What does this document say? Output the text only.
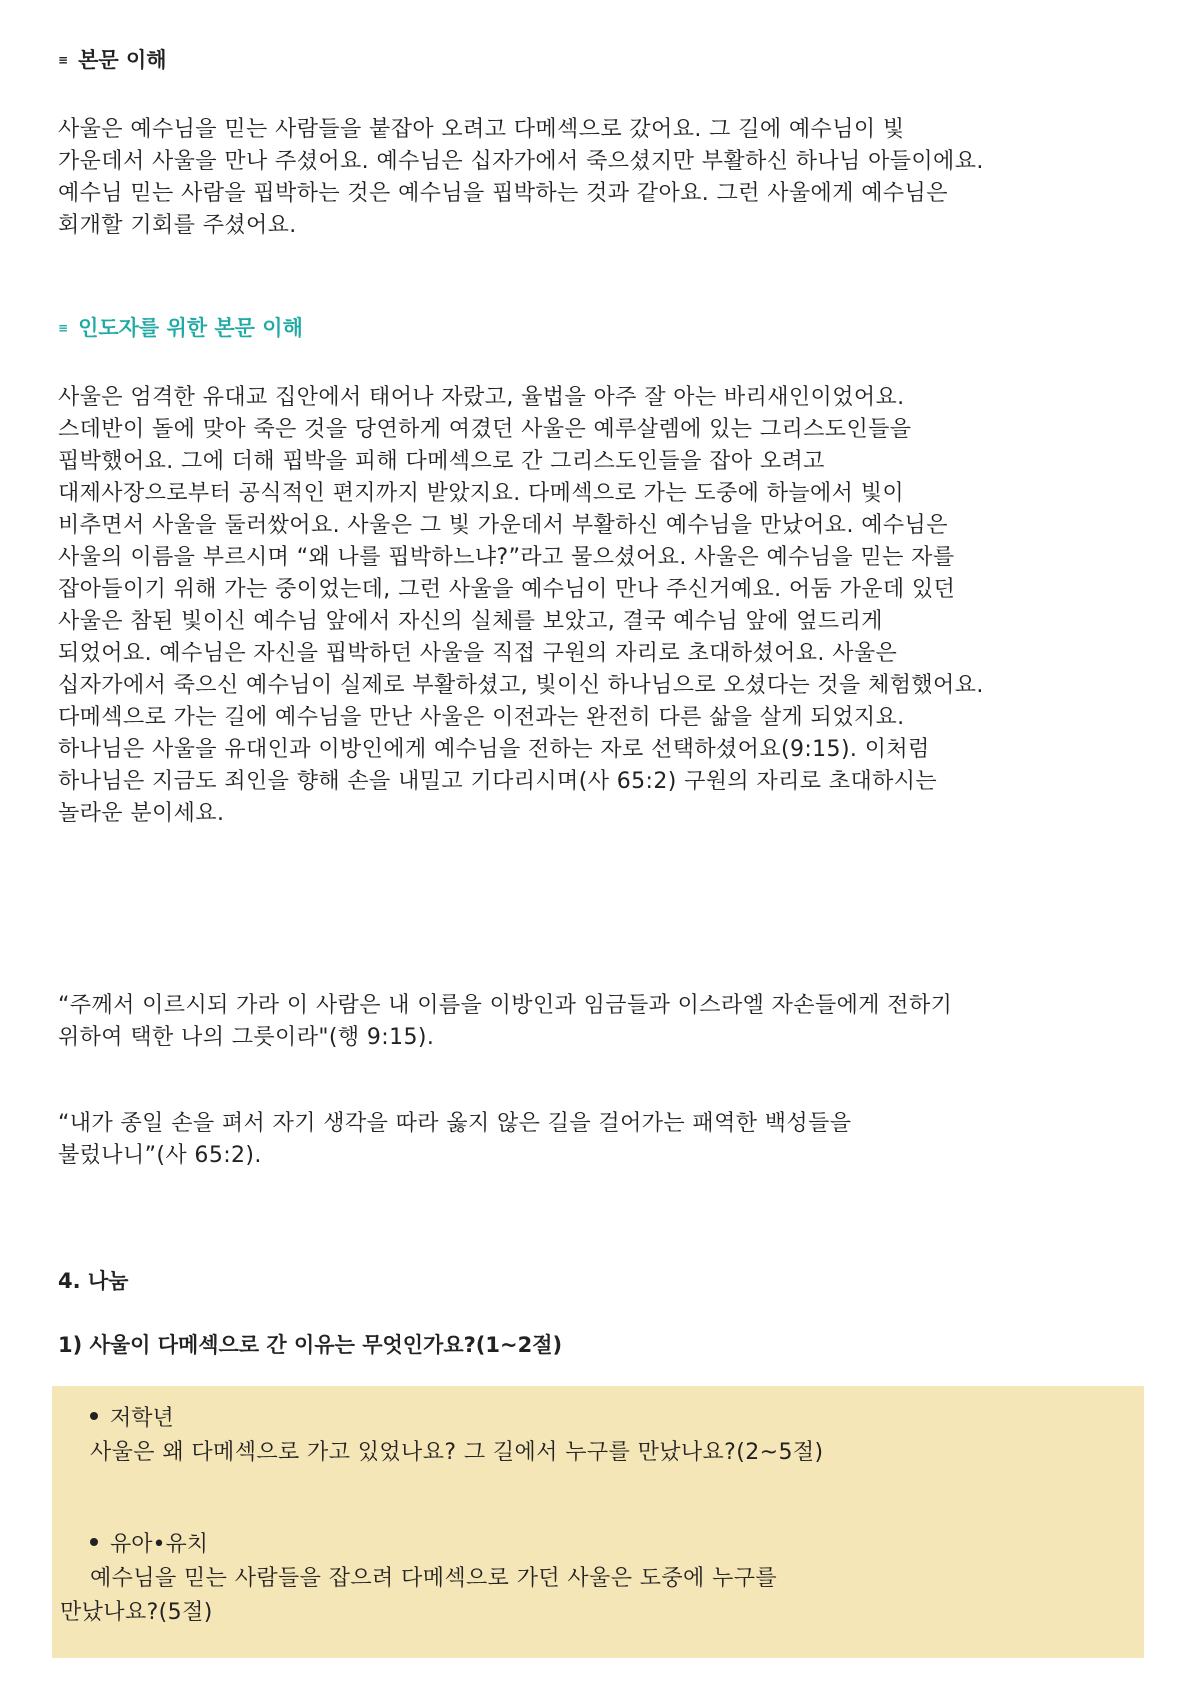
≡ 본문 이해
사울은 예수님을 믿는 사람들을 붙잡아 오려고 다메섹으로 갔어요. 그 길에 예수님이 빛
가운데서 사울을 만나 주셨어요. 예수님은 십자가에서 죽으셨지만 부활하신 하나님 아들이에요.
예수님 믿는 사람을 핍박하는 것은 예수님을 핍박하는 것과 같아요. 그런 사울에게 예수님은
회개할 기회를 주셨어요.
≡ 인도자를 위한 본문 이해
사울은 엄격한 유대교 집안에서 태어나 자랐고, 율법을 아주 잘 아는 바리새인이었어요.
스데반이 돌에 맞아 죽은 것을 당연하게 여겼던 사울은 예루살렘에 있는 그리스도인들을
핍박했어요. 그에 더해 핍박을 피해 다메섹으로 간 그리스도인들을 잡아 오려고
대제사장으로부터 공식적인 편지까지 받았지요. 다메섹으로 가는 도중에 하늘에서 빛이
비추면서 사울을 둘러쌌어요. 사울은 그 빛 가운데서 부활하신 예수님을 만났어요. 예수님은
사울의 이름을 부르시며 “왜 나를 핍박하느냐?”라고 물으셨어요. 사울은 예수님을 믿는 자를
잡아들이기 위해 가는 중이었는데, 그런 사울을 예수님이 만나 주신거예요. 어둠 가운데 있던
사울은 참된 빛이신 예수님 앞에서 자신의 실체를 보았고, 결국 예수님 앞에 엎드리게
되었어요. 예수님은 자신을 핍박하던 사울을 직접 구원의 자리로 초대하셨어요. 사울은
십자가에서 죽으신 예수님이 실제로 부활하셨고, 빛이신 하나님으로 오셨다는 것을 체험했어요.
다메섹으로 가는 길에 예수님을 만난 사울은 이전과는 완전히 다른 삶을 살게 되었지요.
하나님은 사울을 유대인과 이방인에게 예수님을 전하는 자로 선택하셨어요(9:15). 이처럼
하나님은 지금도 죄인을 향해 손을 내밀고 기다리시며(사 65:2) 구원의 자리로 초대하시는
놀라운 분이세요.
“주께서 이르시되 가라 이 사람은 내 이름을 이방인과 임금들과 이스라엘 자손들에게 전하기
위하여 택한 나의 그릇이라"(행 9:15).
“내가 종일 손을 펴서 자기 생각을 따라 옳지 않은 길을 걸어가는 패역한 백성들을
불렀나니”(사 65:2).
4. 나눔
1) 사울이 다메섹으로 간 이유는 무엇인가요?(1~2절)
저학년
사울은 왜 다메섹으로 가고 있었나요? 그 길에서 누구를 만났나요?(2~5절)
유아•유치
예수님을 믿는 사람들을 잡으려 다메섹으로 가던 사울은 도중에 누구를
만났나요?(5절)
